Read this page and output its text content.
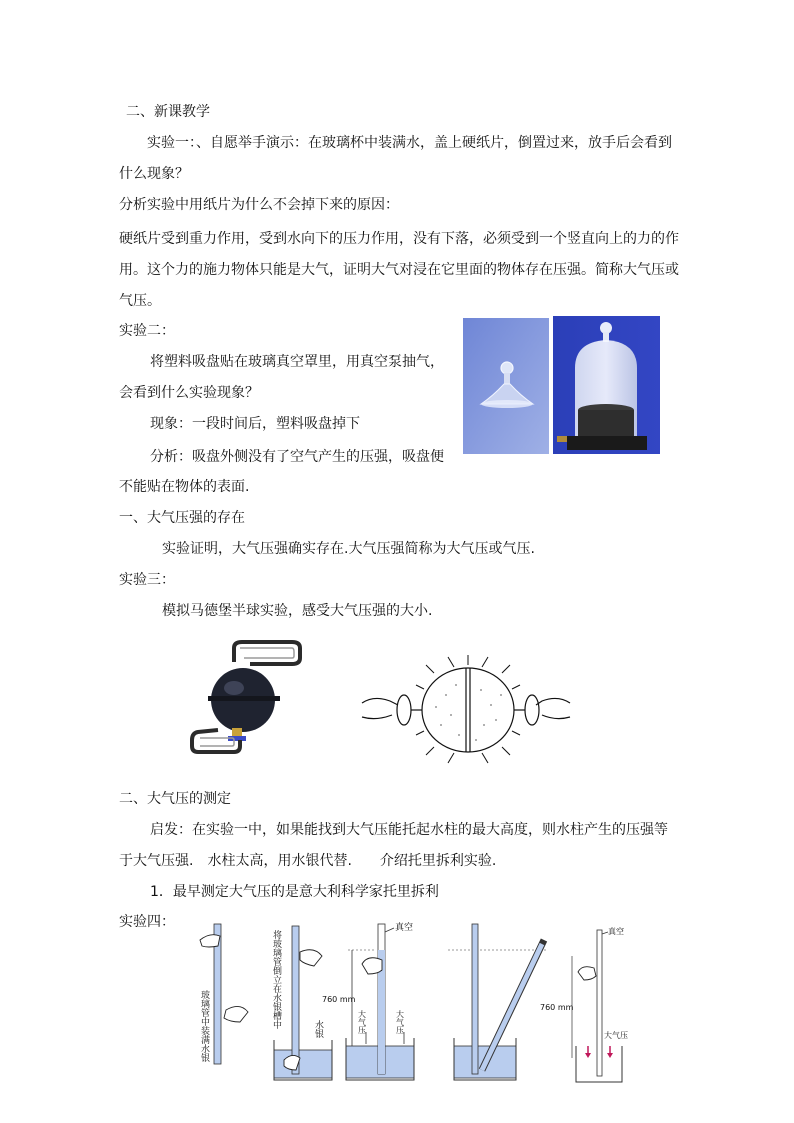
二、新课教学
实验一：、自愿举手演示：在玻璃杯中装满水，盖上硬纸片，倒置过来，放手后会看到
什么现象？
分析实验中用纸片为什么不会掉下来的原因：
硬纸片受到重力作用，受到水向下的压力作用，没有下落，必须受到一个竖直向上的力的作
用。这个力的施力物体只能是大气，证明大气对浸在它里面的物体存在压强。简称大气压或
气压。
实验二：
将塑料吸盘贴在玻璃真空罩里，用真空泵抽气，
会看到什么实验现象？
现象：一段时间后，塑料吸盘掉下
分析：吸盘外侧没有了空气产生的压强，吸盘便
不能贴在物体的表面.
一、大气压强的存在
实验证明，大气压强确实存在.大气压强简称为大气压或气压.
实验三：
模拟马德堡半球实验，感受大气压强的大小.
二、大气压的测定
启发：在实验一中，如果能找到大气压能托起水柱的最大高度，则水柱产生的压强等
于大气压强.　水柱太高，用水银代替.　　介绍托里拆利实验.
1．最早测定大气压的是意大利科学家托里拆利
实验四：
玻璃管中装满水银	将玻璃管倒立在水银槽中	水银
真空
760 mm
大气压	大气压
真空
760 mm
大气压
